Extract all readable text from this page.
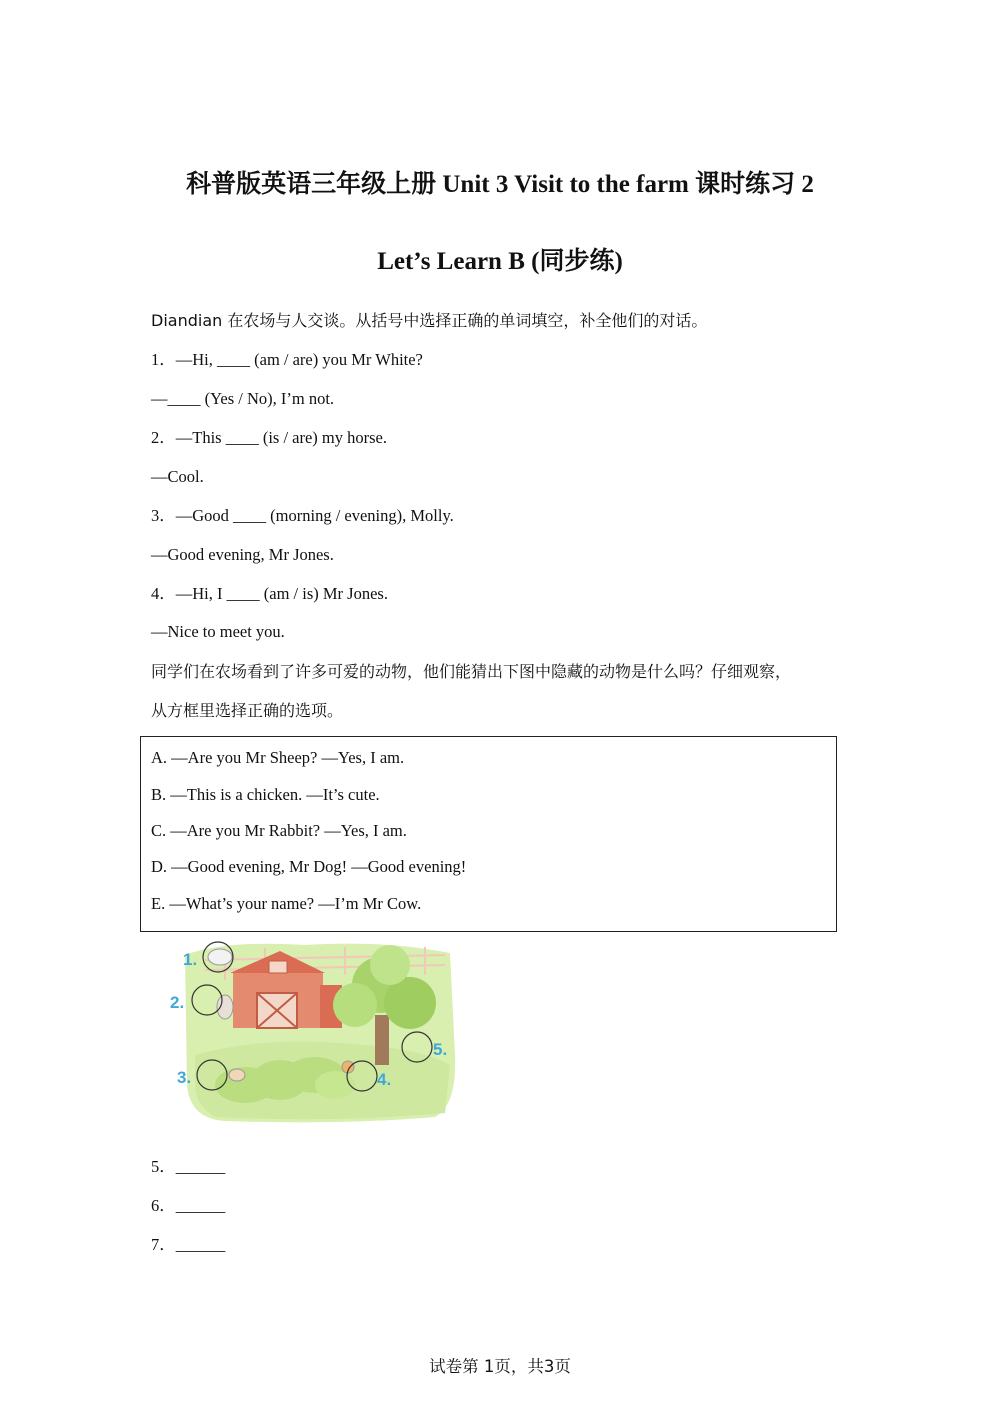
科普版英语三年级上册 Unit 3 Visit to the farm 课时练习 2
Let’s Learn B (同步练)
Diandian 在农场与人交谈。从括号中选择正确的单词填空，补全他们的对话。
1．—Hi, ____ (am / are) you Mr White?
—____ (Yes / No), I’m not.
2．—This ____ (is / are) my horse.
—Cool.
3．—Good ____ (morning / evening), Molly.
—Good evening, Mr Jones.
4．—Hi, I ____ (am / is) Mr Jones.
—Nice to meet you.
同学们在农场看到了许多可爱的动物，他们能猜出下图中隐藏的动物是什么吗？仔细观察，
从方框里选择正确的选项。
A. —Are you Mr Sheep? —Yes, I am.
B. —This is a chicken. —It’s cute.
C. —Are you Mr Rabbit? —Yes, I am.
D. —Good evening, Mr Dog! —Good evening!
E. —What’s your name? —I’m Mr Cow.
1.
2.
3.	4.
5.
5．______
6．______
7．______
试卷第 1页，共3页
